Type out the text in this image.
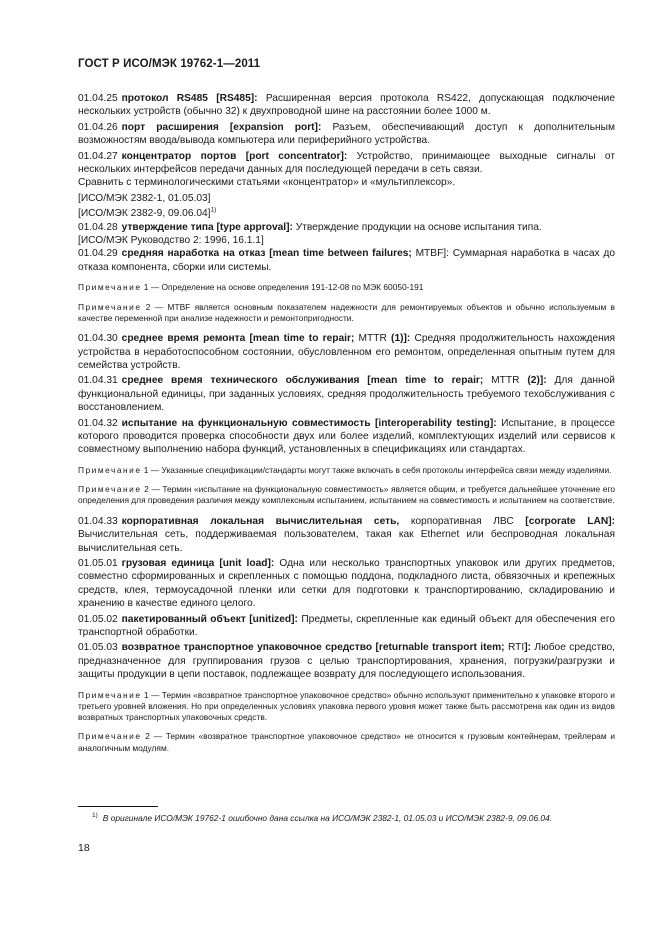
ГОСТ Р ИСО/МЭК 19762-1—2011

01.04.25 протокол RS485 [RS485]: Расширенная версия протокола RS422, допускающая подключение нескольких устройств (обычно 32) к двухпроводной шине на расстоянии более 1000 м.

01.04.26 порт расширения [expansion port]: Разъем, обеспечивающий доступ к дополнительным возможностям ввода/вывода компьютера или периферийного устройства.

01.04.27 концентратор портов [port concentrator]: Устройство, принимающее выходные сигналы от нескольких интерфейсов передачи данных для последующей передачи в сеть связи.

Сравнить с терминологическими статьями «концентратор» и «мультиплексор».

[ИСО/МЭК 2382-1, 01.05.03]

[ИСО/МЭК 2382-9, 09.06.04]$^{1)}$

01.04.28 утверждение типа [type approval]: Утверждение продукции на основе испытания типа.

[ИСО/МЭК Руководство 2: 1996, 16.1.1]

01.04.29 средняя наработка на отказ [mean time between failures; MTBF]: Суммарная наработка в часах до отказа компонента, сборки или системы.

Примечание 1 — Определение на основе определения 191-12-08 по МЭК 60050-191

Примечание 2 — MTBF является основным показателем надежности для ремонтируемых объектов и обычно используемым в качестве переменной при анализе надежности и ремонтопригодности.

01.04.30 среднее время ремонта [mean time to repair; MTTR (1)]: Средняя продолжительность нахождения устройства в неработоспособном состоянии, обусловленном его ремонтом, определенная опытным путем для семейства устройств.

01.04.31 среднее время технического обслуживания [mean time to repair; MTTR (2)]: Для данной функциональной единицы, при заданных условиях, средняя продолжительность требуемого техобслуживания с восстановлением.

01.04.32 испытание на функциональную совместимость [interoperability testing]: Испытание, в процессе которого проводится проверка способности двух или более изделий, комплектующих изделий или сервисов к совместному выполнению набора функций, установленных в спецификациях или стандартах.

Примечание 1 — Указанные спецификации/стандарты могут также включать в себя протоколы интерфейса связи между изделиями.

Примечание 2 — Термин «испытание на функциональную совместимость» является общим, и требуется дальнейшее уточнение его определения для проведения различия между комплексным испытанием, испытанием на совместимость и испытанием на соответствие.

01.04.33 корпоративная локальная вычислительная сеть, корпоративная ЛВС [corporate LAN]: Вычислительная сеть, поддерживаемая пользователем, такая как Ethernet или беспроводная локальная вычислительная сеть.

01.05.01 грузовая единица [unit load]: Одна или несколько транспортных упаковок или других предметов, совместно сформированных и скрепленных с помощью поддона, подкладного листа, обвязочных и крепежных средств, клея, термоусадочной пленки или сетки для подготовки к транспортированию, складированию и хранению в качестве единого целого.

01.05.02 пакетированный объект [unitized]: Предметы, скрепленные как единый объект для обеспечения его транспортной обработки.

01.05.03 возвратное транспортное упаковочное средство [returnable transport item; RTI]: Любое средство, предназначенное для группирования грузов с целью транспортирования, хранения, погрузки/разгрузки и защиты продукции в цепи поставок, подлежащее возврату для последующего использования.

Примечание 1 — Термин «возвратное транспортное упаковочное средство» обычно используют применительно к упаковке второго и третьего уровней вложения. Но при определенных условиях упаковка первого уровня может также быть рассмотрена как один из видов возвратных транспортных упаковочных средств.

Примечание 2 — Термин «возвратное транспортное упаковочное средство» не относится к грузовым контейнерам, трейлерам и аналогичным модулям.

$^{1)}$ В оригинале ИСО/МЭК 19762-1 ошибочно дана ссылка на ИСО/МЭК 2382-1, 01.05.03 и ИСО/МЭК 2382-9, 09.06.04.
18
